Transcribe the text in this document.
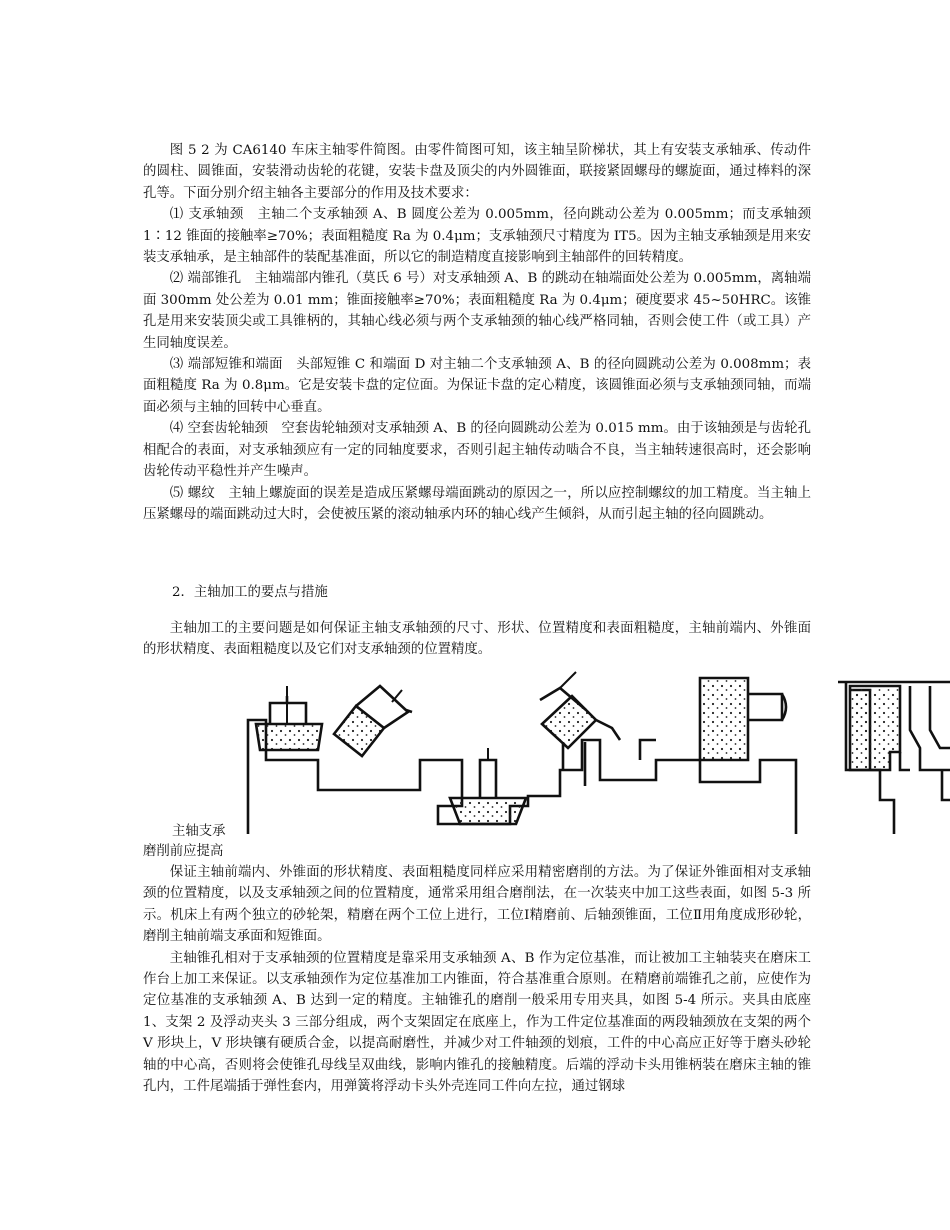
图 5 2 为 CA6140 车床主轴零件简图。由零件简图可知，该主轴呈阶梯状，其上有安装支承轴承、传动件的圆柱、圆锥面，安装滑动齿轮的花键，安装卡盘及顶尖的内外圆锥面，联接紧固螺母的螺旋面，通过棒料的深孔等。下面分别介绍主轴各主要部分的作用及技术要求：

⑴ 支承轴颈　主轴二个支承轴颈 A、B 圆度公差为 0.005mm，径向跳动公差为 0.005mm；而支承轴颈 1∶12 锥面的接触率≥70%；表面粗糙度 Ra 为 0.4μm；支承轴颈尺寸精度为 IT5。因为主轴支承轴颈是用来安装支承轴承，是主轴部件的装配基准面，所以它的制造精度直接影响到主轴部件的回转精度。

⑵ 端部锥孔　主轴端部内锥孔（莫氏 6 号）对支承轴颈 A、B 的跳动在轴端面处公差为 0.005mm，离轴端面 300mm 处公差为 0.01 mm；锥面接触率≥70%；表面粗糙度 Ra 为 0.4μm；硬度要求 45~50HRC。该锥孔是用来安装顶尖或工具锥柄的，其轴心线必须与两个支承轴颈的轴心线严格同轴，否则会使工件（或工具）产生同轴度误差。

⑶ 端部短锥和端面　头部短锥 C 和端面 D 对主轴二个支承轴颈 A、B 的径向圆跳动公差为 0.008mm；表面粗糙度 Ra 为 0.8μm。它是安装卡盘的定位面。为保证卡盘的定心精度，该圆锥面必须与支承轴颈同轴，而端面必须与主轴的回转中心垂直。

⑷ 空套齿轮轴颈　空套齿轮轴颈对支承轴颈 A、B 的径向圆跳动公差为 0.015 mm。由于该轴颈是与齿轮孔相配合的表面，对支承轴颈应有一定的同轴度要求，否则引起主轴传动啮合不良，当主轴转速很高时，还会影响齿轮传动平稳性并产生噪声。

⑸ 螺纹　主轴上螺旋面的误差是造成压紧螺母端面跳动的原因之一，所以应控制螺纹的加工精度。当主轴上压紧螺母的端面跳动过大时，会使被压紧的滚动轴承内环的轴心线产生倾斜，从而引起主轴的径向圆跳动。

2．主轴加工的要点与措施

主轴加工的主要问题是如何保证主轴支承轴颈的尺寸、形状、位置精度和表面粗糙度，主轴前端内、外锥面的形状精度、表面粗糙度以及它们对支承轴颈的位置精度。

主轴支承
磨削前应提高

保证主轴前端内、外锥面的形状精度、表面粗糙度同样应采用精密磨削的方法。为了保证外锥面相对支承轴颈的位置精度，以及支承轴颈之间的位置精度，通常采用组合磨削法，在一次装夹中加工这些表面，如图 5-3 所示。机床上有两个独立的砂轮架，精磨在两个工位上进行，工位Ⅰ精磨前、后轴颈锥面，工位Ⅱ用角度成形砂轮，磨削主轴前端支承面和短锥面。

主轴锥孔相对于支承轴颈的位置精度是靠采用支承轴颈 A、B 作为定位基准，而让被加工主轴装夹在磨床工作台上加工来保证。以支承轴颈作为定位基准加工内锥面，符合基准重合原则。在精磨前端锥孔之前，应使作为定位基准的支承轴颈 A、B 达到一定的精度。主轴锥孔的磨削一般采用专用夹具，如图 5-4 所示。夹具由底座 1、支架 2 及浮动夹头 3 三部分组成，两个支架固定在底座上，作为工件定位基准面的两段轴颈放在支架的两个 V 形块上，V 形块镶有硬质合金，以提高耐磨性，并减少对工件轴颈的划痕，工件的中心高应正好等于磨头砂轮轴的中心高，否则将会使锥孔母线呈双曲线，影响内锥孔的接触精度。后端的浮动卡头用锥柄装在磨床主轴的锥孔内，工件尾端插于弹性套内，用弹簧将浮动卡头外壳连同工件向左拉，通过钢球
